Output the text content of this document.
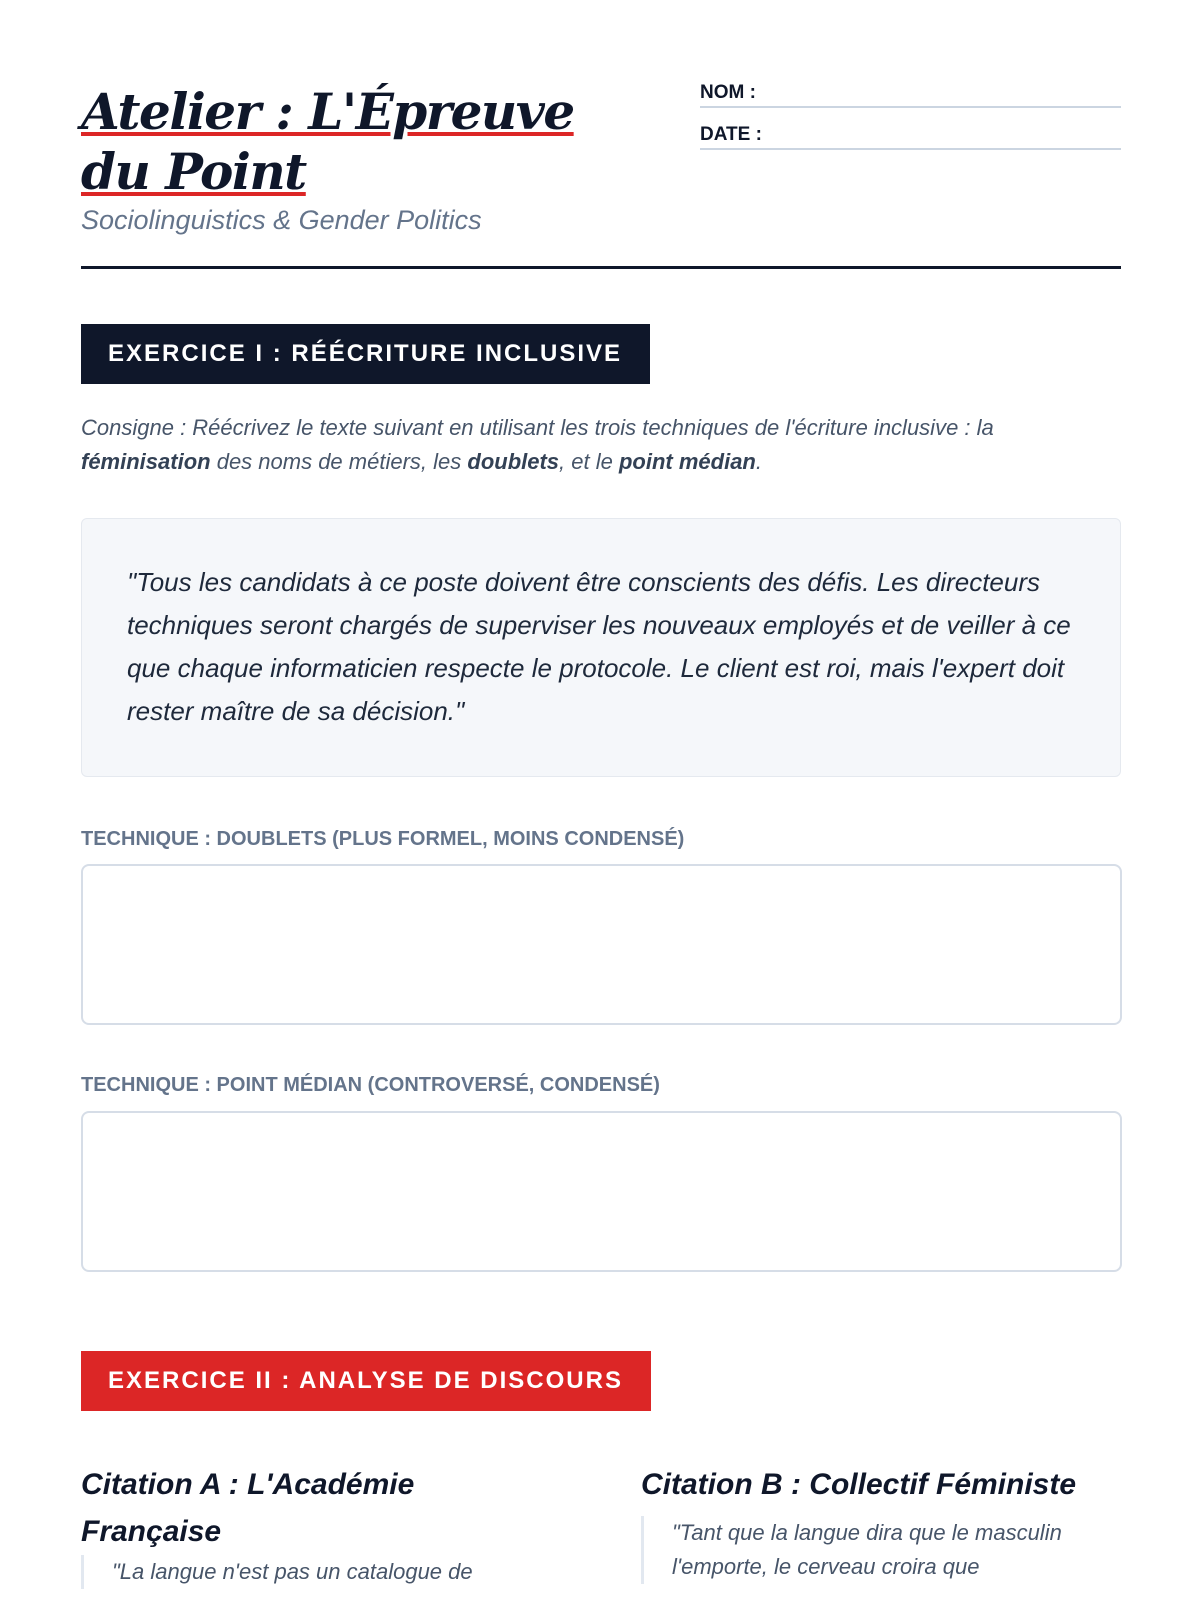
Atelier : L'Épreuve du Point
Sociolinguistics & Gender Politics
NOM :
DATE :
EXERCICE I : RÉÉCRITURE INCLUSIVE
Consigne : Réécrivez le texte suivant en utilisant les trois techniques de l'écriture inclusive : la féminisation des noms de métiers, les doublets, et le point médian.
"Tous les candidats à ce poste doivent être conscients des défis. Les directeurs techniques seront chargés de superviser les nouveaux employés et de veiller à ce que chaque informaticien respecte le protocole. Le client est roi, mais l'expert doit rester maître de sa décision."
TECHNIQUE : DOUBLETS (PLUS FORMEL, MOINS CONDENSÉ)
TECHNIQUE : POINT MÉDIAN (CONTROVERSÉ, CONDENSÉ)
EXERCICE II : ANALYSE DE DISCOURS
Citation A : L'Académie Française
"La langue n'est pas un catalogue de
Citation B : Collectif Féministe
"Tant que la langue dira que le masculin l'emporte, le cerveau croira que
